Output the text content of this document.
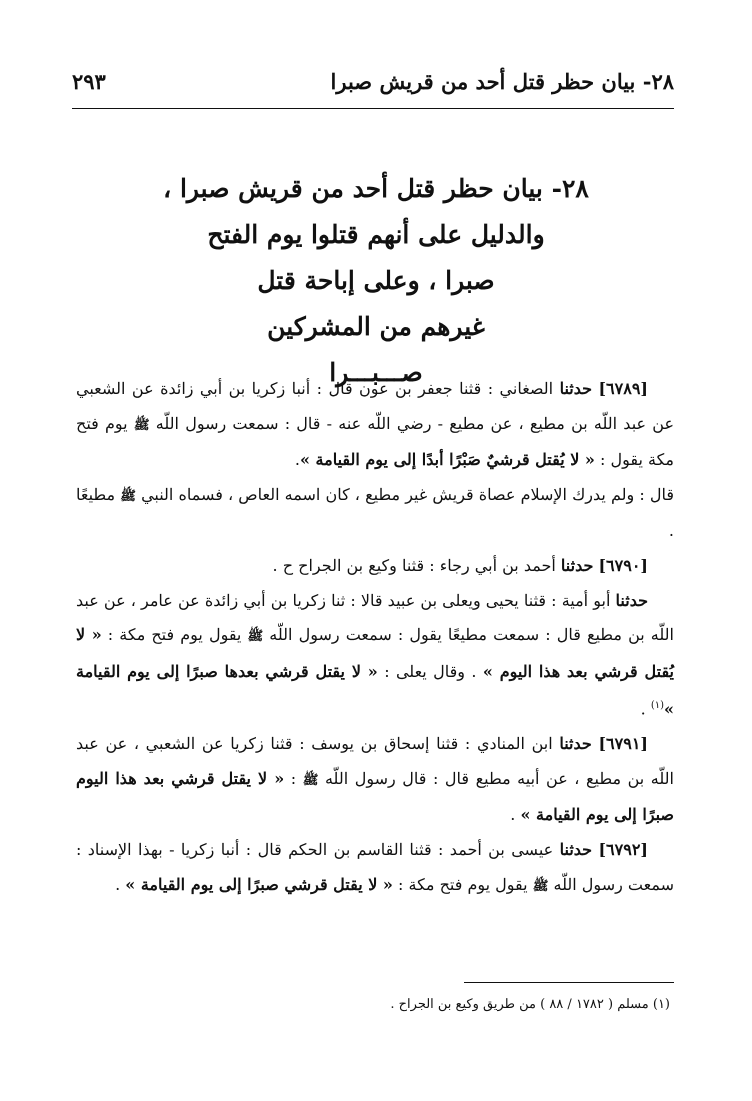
٢٨- بيان حظر قتل أحد من قريش صبرا
٢٩٣
٢٨- بيان حظر قتل أحد من قريش صبرا ،
والدليل على أنهم قتلوا يوم الفتح
صبرا ، وعلى إباحة قتل
غيرهم من المشركين
صـــبـــرا

[٦٧٨٩] حدثنا الصغاني : قثنا جعفر بن عون قال : أنبا زكريا بن أبي زائدة عن الشعبي عن عبد اللّه بن مطيع ، عن مطيع - رضي اللّه عنه - قال : سمعت رسول اللّه ﷺ يوم فتح مكة يقول : « لا يُقتل قرشيٌ صَبْرًا أبدًا إلى يوم القيامة ».

قال : ولم يدرك الإسلام عصاة قريش غير مطيع ، كان اسمه العاص ، فسماه النبي ﷺ مطيعًا .

[٦٧٩٠] حدثنا أحمد بن أبي رجاء : قثنا وكيع بن الجراح ح .

حدثنا أبو أمية : قثنا يحيى ويعلى بن عبيد قالا : ثنا زكريا بن أبي زائدة عن عامر ، عن عبد اللّه بن مطيع قال : سمعت مطيعًا يقول : سمعت رسول اللّه ﷺ يقول يوم فتح مكة : « لا يُقتل قرشي بعد هذا اليوم » . وقال يعلى : « لا يقتل قرشي بعدها صبرًا إلى يوم القيامة »$^{(١)}$ .

[٦٧٩١] حدثنا ابن المنادي : قثنا إسحاق بن يوسف : قثنا زكريا عن الشعبي ، عن عبد اللّه بن مطيع ، عن أبيه مطيع قال : قال رسول اللّه ﷺ : « لا يقتل قرشي بعد هذا اليوم صبرًا إلى يوم القيامة » .

[٦٧٩٢] حدثنا عيسى بن أحمد : قثنا القاسم بن الحكم قال : أنبا زكريا - بهذا الإسناد : سمعت رسول اللّه ﷺ يقول يوم فتح مكة : « لا يقتل قرشي صبرًا إلى يوم القيامة » .

(١) مسلم ( ١٧٨٢ / ٨٨ ) من طريق وكيع بن الجراح .
